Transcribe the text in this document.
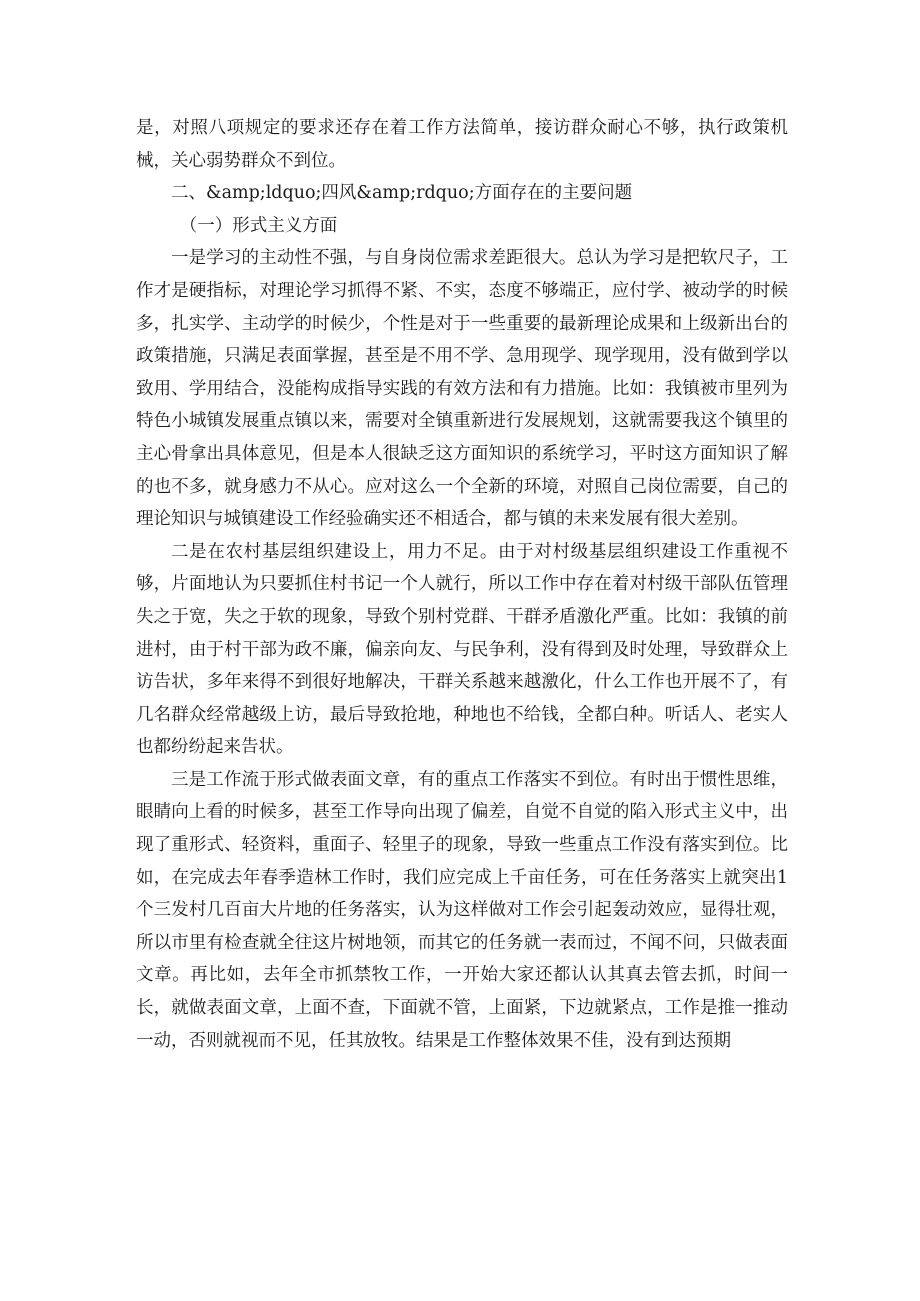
是，对照八项规定的要求还存在着工作方法简单，接访群众耐心不够，执行政策机械，关心弱势群众不到位。

二、&amp;ldquo;四风&amp;rdquo;方面存在的主要问题

（一）形式主义方面

一是学习的主动性不强，与自身岗位需求差距很大。总认为学习是把软尺子，工作才是硬指标，对理论学习抓得不紧、不实，态度不够端正，应付学、被动学的时候多，扎实学、主动学的时候少，个性是对于一些重要的最新理论成果和上级新出台的政策措施，只满足表面掌握，甚至是不用不学、急用现学、现学现用，没有做到学以致用、学用结合，没能构成指导实践的有效方法和有力措施。比如：我镇被市里列为特色小城镇发展重点镇以来，需要对全镇重新进行发展规划，这就需要我这个镇里的主心骨拿出具体意见，但是本人很缺乏这方面知识的系统学习，平时这方面知识了解的也不多，就身感力不从心。应对这么一个全新的环境，对照自己岗位需要，自己的理论知识与城镇建设工作经验确实还不相适合，都与镇的未来发展有很大差别。

二是在农村基层组织建设上，用力不足。由于对村级基层组织建设工作重视不够，片面地认为只要抓住村书记一个人就行，所以工作中存在着对村级干部队伍管理失之于宽，失之于软的现象，导致个别村党群、干群矛盾激化严重。比如：我镇的前进村，由于村干部为政不廉，偏亲向友、与民争利，没有得到及时处理，导致群众上访告状，多年来得不到很好地解决，干群关系越来越激化，什么工作也开展不了，有几名群众经常越级上访，最后导致抢地，种地也不给钱，全都白种。听话人、老实人也都纷纷起来告状。

三是工作流于形式做表面文章，有的重点工作落实不到位。有时出于惯性思维，眼睛向上看的时候多，甚至工作导向出现了偏差，自觉不自觉的陷入形式主义中，出现了重形式、轻资料，重面子、轻里子的现象，导致一些重点工作没有落实到位。比如，在完成去年春季造林工作时，我们应完成上千亩任务，可在任务落实上就突出1个三发村几百亩大片地的任务落实，认为这样做对工作会引起轰动效应，显得壮观，所以市里有检查就全往这片树地领，而其它的任务就一表而过，不闻不问，只做表面文章。再比如，去年全市抓禁牧工作，一开始大家还都认认其真去管去抓，时间一长，就做表面文章，上面不查，下面就不管，上面紧，下边就紧点，工作是推一推动一动，否则就视而不见，任其放牧。结果是工作整体效果不佳，没有到达预期
